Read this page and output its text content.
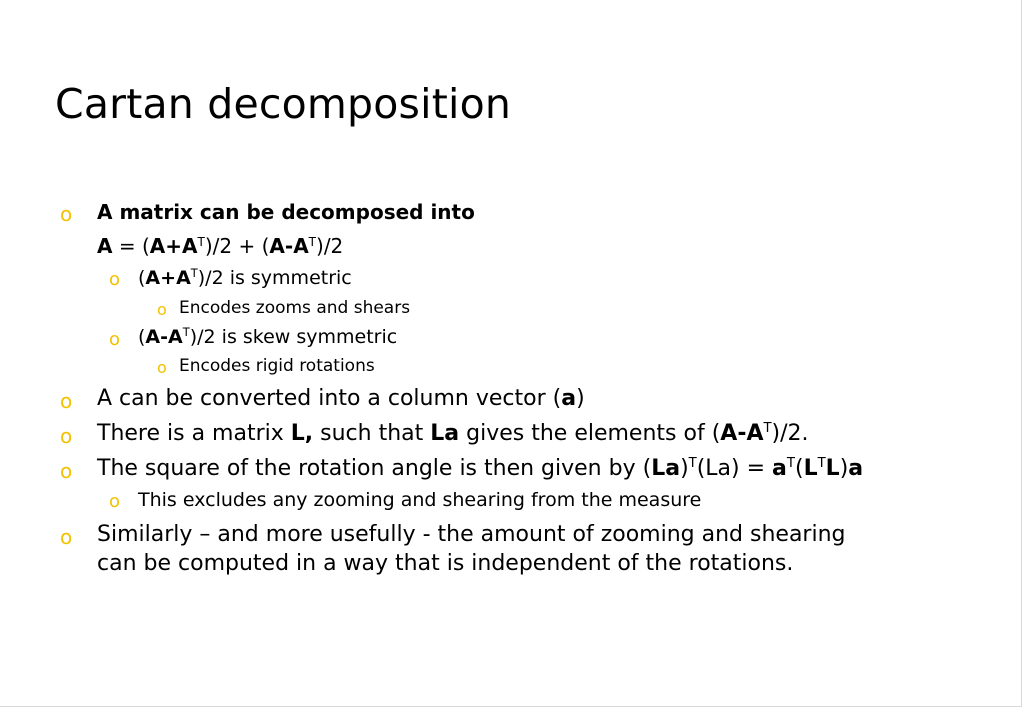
Cartan decomposition
o A matrix can be decomposed into
$A = (A+A^T)/2 + (A-A^T)/2$
o $(A+A^T)/2$ is symmetric
o Encodes zooms and shears
o $(A-A^T)/2$ is skew symmetric
o Encodes rigid rotations
o A can be converted into a column vector (a)
o There is a matrix L, such that La gives the elements of $(A-A^T)/2$.
o The square of the rotation angle is then given by $(La)^T(La) = a^T(L^TL)a$
o This excludes any zooming and shearing from the measure
o Similarly – and more usefully - the amount of zooming and shearing
can be computed in a way that is independent of the rotations.
